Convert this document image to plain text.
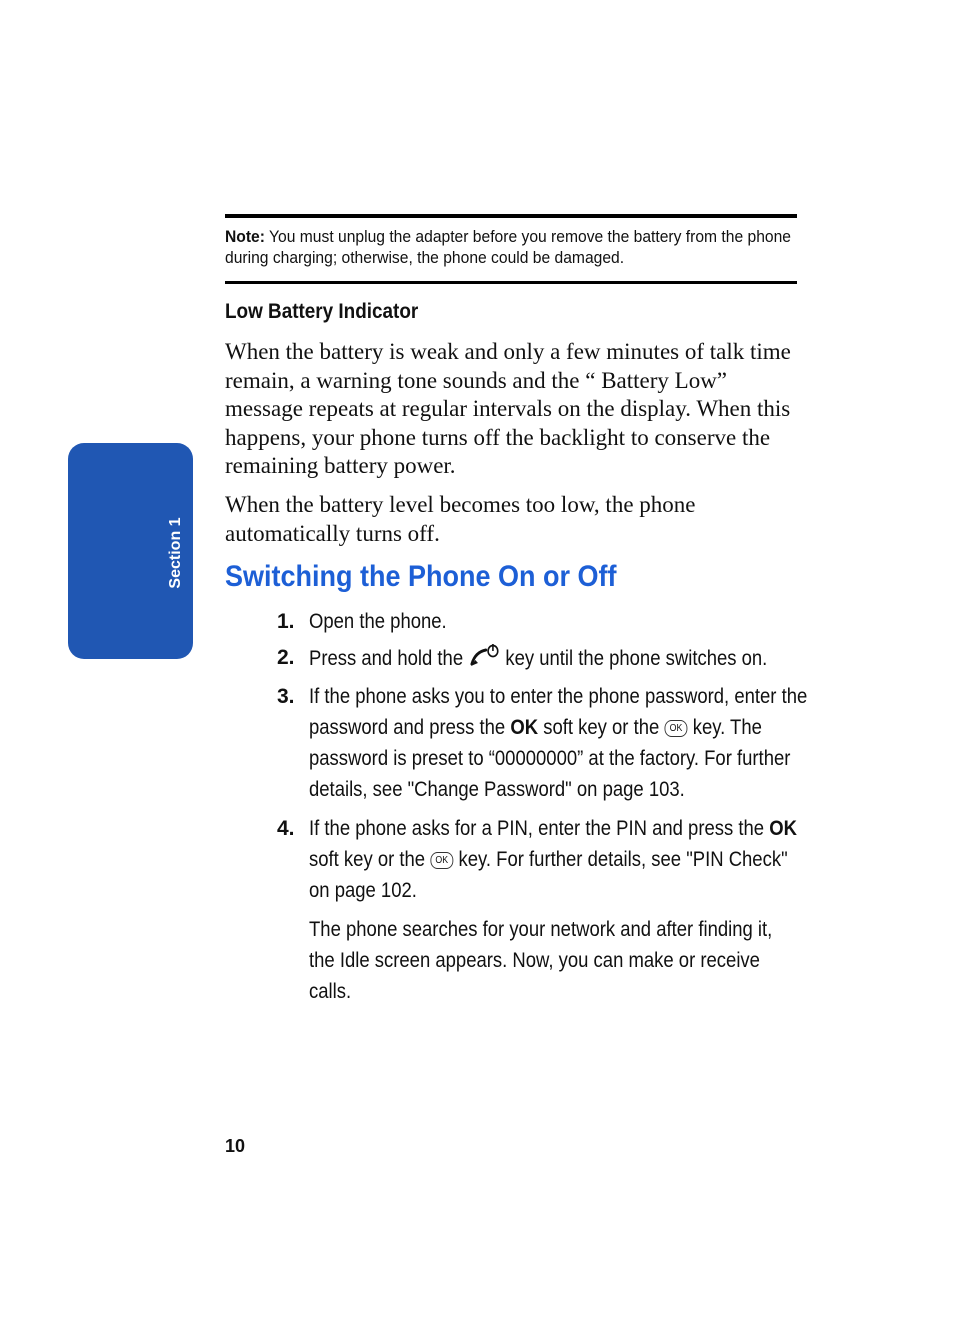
Section 1
Note: You must unplug the adapter before you remove the battery from the phone during charging; otherwise, the phone could be damaged.
Low Battery Indicator

When the battery is weak and only a few minutes of talk time remain, a warning tone sounds and the “ Battery Low” message repeats at regular intervals on the display. When this happens, your phone turns off the backlight to conserve the remaining battery power.

When the battery level becomes too low, the phone automatically turns off.

Switching the Phone On or Off
1. Open the phone.
2. Press and hold the key until the phone switches on.
3. If the phone asks you to enter the phone password, enter the password and press the OK soft key or the OK key. The password is preset to “00000000” at the factory. For further details, see "Change Password" on page 103.
4. If the phone asks for a PIN, enter the PIN and press the OK soft key or the OK key. For further details, see "PIN Check" on page 102.
The phone searches for your network and after finding it, the Idle screen appears. Now, you can make or receive calls.
10
